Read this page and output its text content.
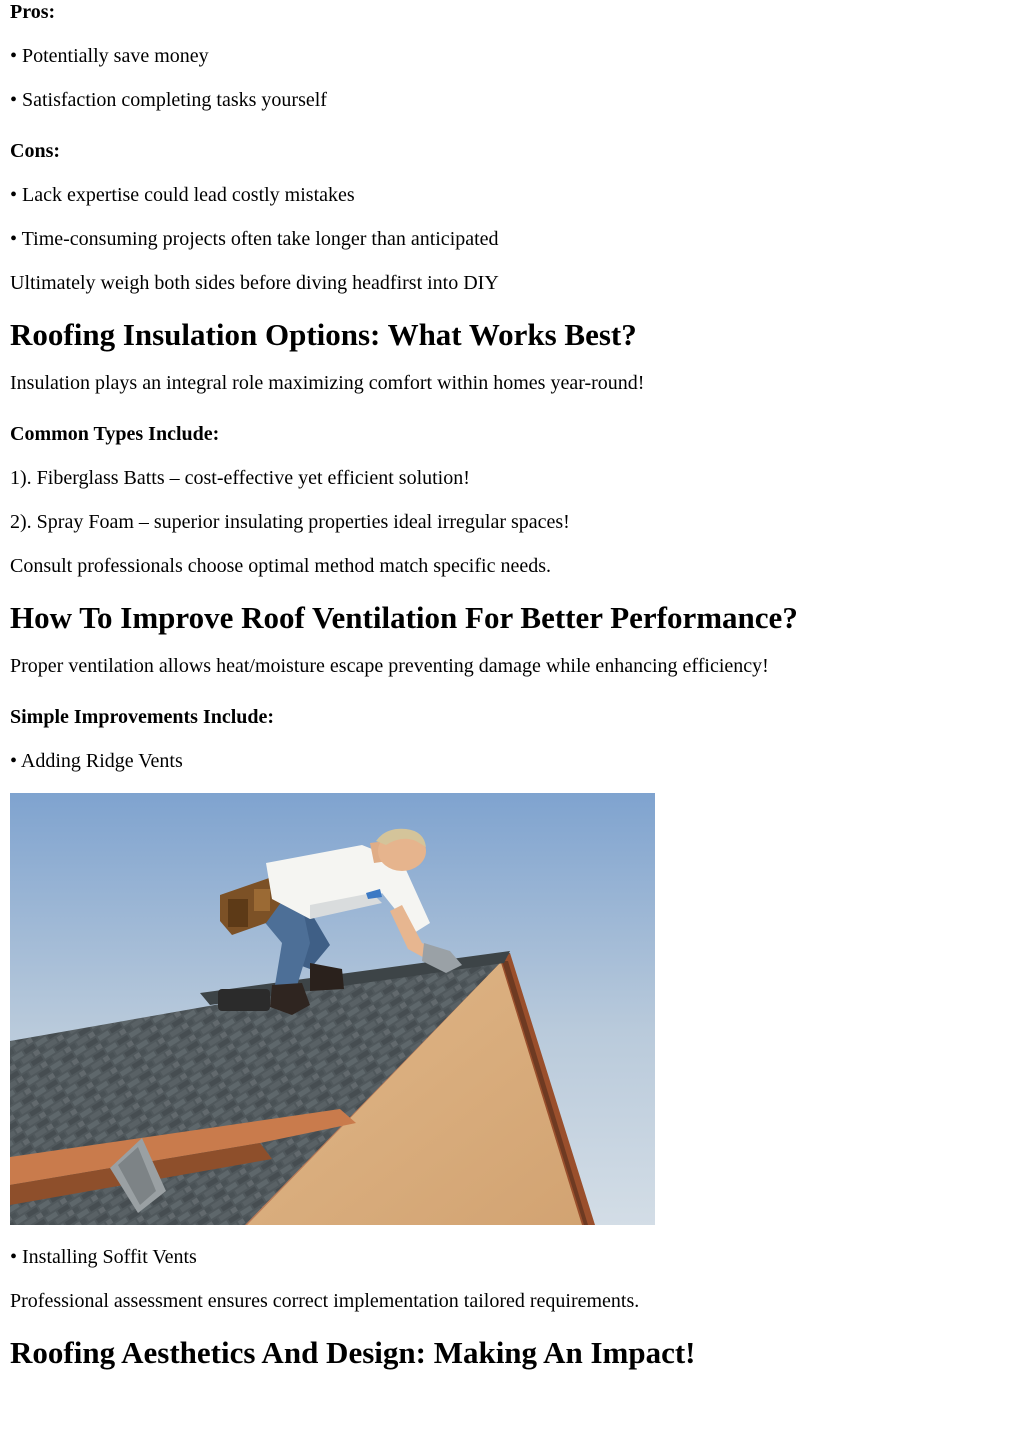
Pros:

• Potentially save money

• Satisfaction completing tasks yourself

Cons:

• Lack expertise could lead costly mistakes

• Time-consuming projects often take longer than anticipated

Ultimately weigh both sides before diving headfirst into DIY

Roofing Insulation Options: What Works Best?

Insulation plays an integral role maximizing comfort within homes year-round!

Common Types Include:

1). Fiberglass Batts – cost-effective yet efficient solution!

2). Spray Foam – superior insulating properties ideal irregular spaces!

Consult professionals choose optimal method match specific needs.

How To Improve Roof Ventilation For Better Performance?

Proper ventilation allows heat/moisture escape preventing damage while enhancing efficiency!

Simple Improvements Include:

• Adding Ridge Vents

• Installing Soffit Vents

Professional assessment ensures correct implementation tailored requirements.

Roofing Aesthetics And Design: Making An Impact!
